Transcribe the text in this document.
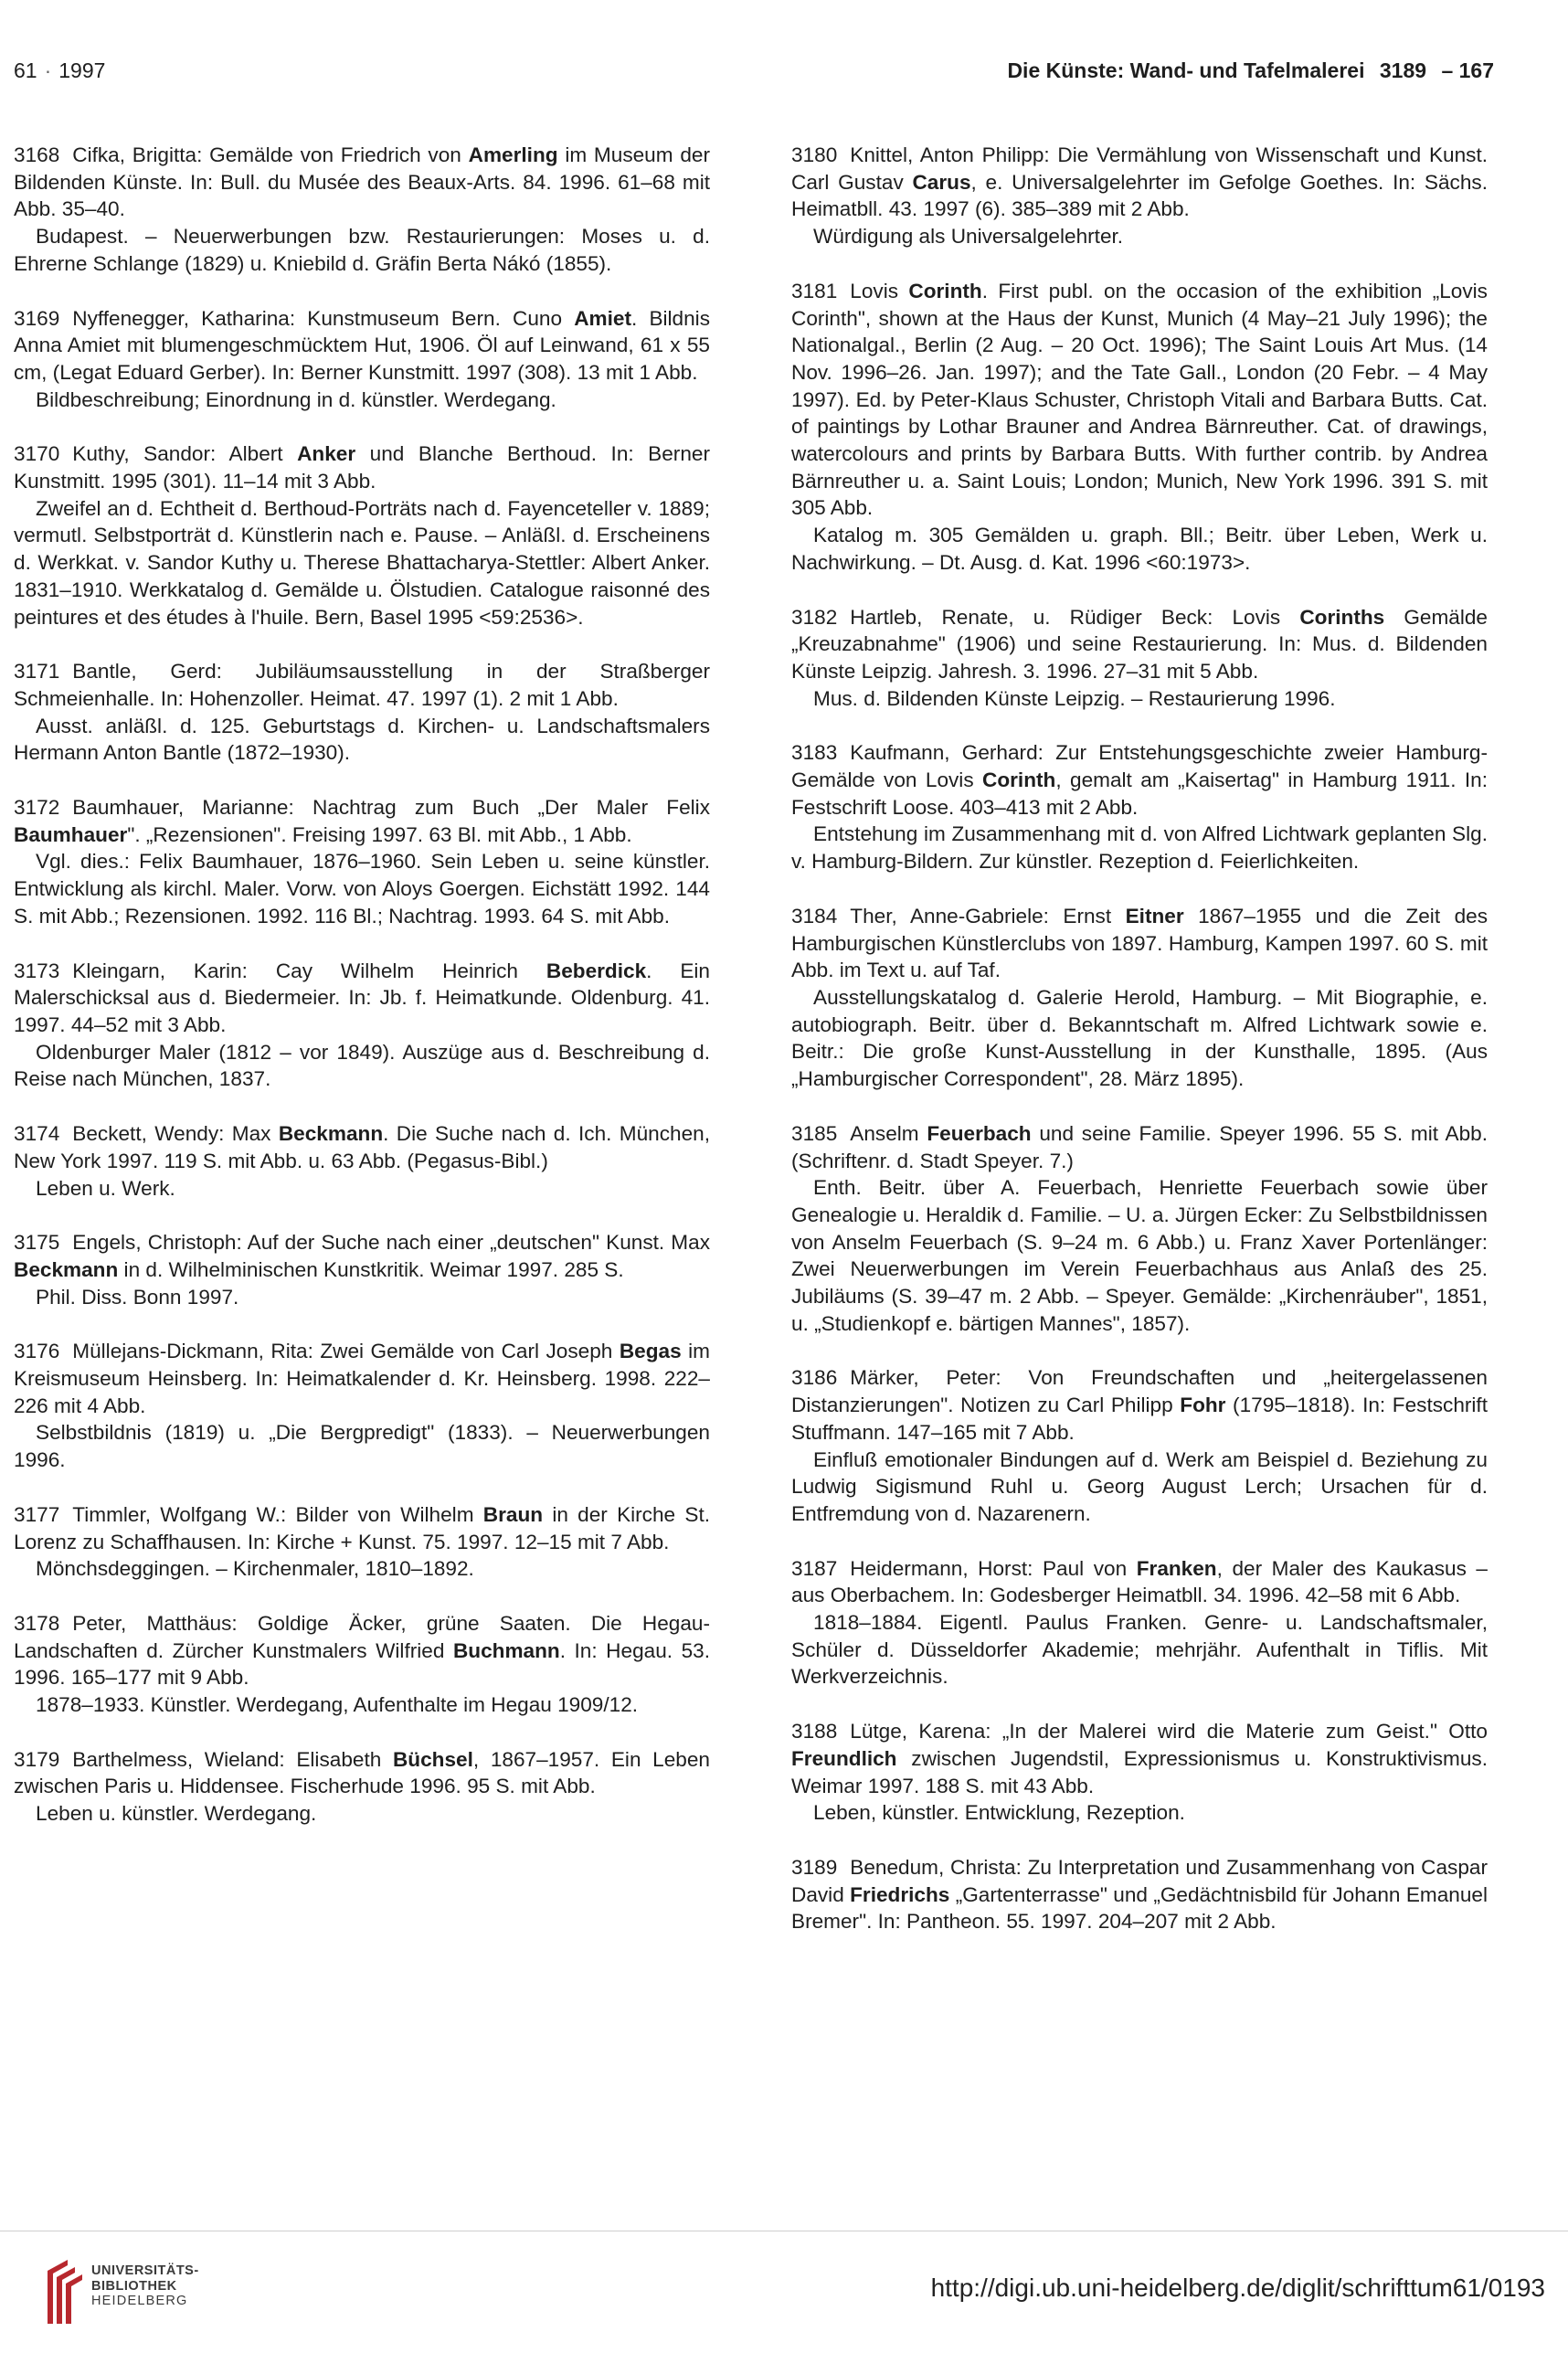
61 · 1997	Die Künste: Wand- und Tafelmalerei 3189 – 167

3168 Cifka, Brigitta: Gemälde von Friedrich von Amerling im Museum der Bildenden Künste. In: Bull. du Musée des Beaux-Arts. 84. 1996. 61–68 mit Abb. 35–40.

Budapest. – Neuerwerbungen bzw. Restaurierungen: Moses u. d. Ehrerne Schlange (1829) u. Kniebild d. Gräfin Berta Nákó (1855).

3169 Nyffenegger, Katharina: Kunstmuseum Bern. Cuno Amiet. Bildnis Anna Amiet mit blumengeschmücktem Hut, 1906. Öl auf Leinwand, 61 x 55 cm, (Legat Eduard Gerber). In: Berner Kunstmitt. 1997 (308). 13 mit 1 Abb.

Bildbeschreibung; Einordnung in d. künstler. Werdegang.

3170 Kuthy, Sandor: Albert Anker und Blanche Berthoud. In: Berner Kunstmitt. 1995 (301). 11–14 mit 3 Abb.

Zweifel an d. Echtheit d. Berthoud-Porträts nach d. Fayenceteller v. 1889; vermutl. Selbstporträt d. Künstlerin nach e. Pause. – Anläßl. d. Erscheinens d. Werkkat. v. Sandor Kuthy u. Therese Bhattacharya-Stettler: Albert Anker. 1831–1910. Werkkatalog d. Gemälde u. Ölstudien. Catalogue raisonné des peintures et des études à l'huile. Bern, Basel 1995 <59:2536>.

3171 Bantle, Gerd: Jubiläumsausstellung in der Straßberger Schmeienhalle. In: Hohenzoller. Heimat. 47. 1997 (1). 2 mit 1 Abb.

Ausst. anläßl. d. 125. Geburtstags d. Kirchen- u. Landschaftsmalers Hermann Anton Bantle (1872–1930).

3172 Baumhauer, Marianne: Nachtrag zum Buch „Der Maler Felix Baumhauer". „Rezensionen". Freising 1997. 63 Bl. mit Abb., 1 Abb.

Vgl. dies.: Felix Baumhauer, 1876–1960. Sein Leben u. seine künstler. Entwicklung als kirchl. Maler. Vorw. von Aloys Goergen. Eichstätt 1992. 144 S. mit Abb.; Rezensionen. 1992. 116 Bl.; Nachtrag. 1993. 64 S. mit Abb.

3173 Kleingarn, Karin: Cay Wilhelm Heinrich Beberdick. Ein Malerschicksal aus d. Biedermeier. In: Jb. f. Heimatkunde. Oldenburg. 41. 1997. 44–52 mit 3 Abb.

Oldenburger Maler (1812 – vor 1849). Auszüge aus d. Beschreibung d. Reise nach München, 1837.

3174 Beckett, Wendy: Max Beckmann. Die Suche nach d. Ich. München, New York 1997. 119 S. mit Abb. u. 63 Abb. (Pegasus-Bibl.)

Leben u. Werk.

3175 Engels, Christoph: Auf der Suche nach einer „deutschen" Kunst. Max Beckmann in d. Wilhelminischen Kunstkritik. Weimar 1997. 285 S.

Phil. Diss. Bonn 1997.

3176 Müllejans-Dickmann, Rita: Zwei Gemälde von Carl Joseph Begas im Kreismuseum Heinsberg. In: Heimatkalender d. Kr. Heinsberg. 1998. 222–226 mit 4 Abb.

Selbstbildnis (1819) u. „Die Bergpredigt" (1833). – Neuerwerbungen 1996.

3177 Timmler, Wolfgang W.: Bilder von Wilhelm Braun in der Kirche St. Lorenz zu Schaffhausen. In: Kirche + Kunst. 75. 1997. 12–15 mit 7 Abb.

Mönchsdeggingen. – Kirchenmaler, 1810–1892.

3178 Peter, Matthäus: Goldige Äcker, grüne Saaten. Die Hegau-Landschaften d. Zürcher Kunstmalers Wilfried Buchmann. In: Hegau. 53. 1996. 165–177 mit 9 Abb.

1878–1933. Künstler. Werdegang, Aufenthalte im Hegau 1909/12.

3179 Barthelmess, Wieland: Elisabeth Büchsel, 1867–1957. Ein Leben zwischen Paris u. Hiddensee. Fischerhude 1996. 95 S. mit Abb.

Leben u. künstler. Werdegang.

3180 Knittel, Anton Philipp: Die Vermählung von Wissenschaft und Kunst. Carl Gustav Carus, e. Universalgelehrter im Gefolge Goethes. In: Sächs. Heimatbll. 43. 1997 (6). 385–389 mit 2 Abb.

Würdigung als Universalgelehrter.

3181 Lovis Corinth. First publ. on the occasion of the exhibition „Lovis Corinth", shown at the Haus der Kunst, Munich (4 May–21 July 1996); the Nationalgal., Berlin (2 Aug. – 20 Oct. 1996); The Saint Louis Art Mus. (14 Nov. 1996–26. Jan. 1997); and the Tate Gall., London (20 Febr. – 4 May 1997). Ed. by Peter-Klaus Schuster, Christoph Vitali and Barbara Butts. Cat. of paintings by Lothar Brauner and Andrea Bärnreuther. Cat. of drawings, watercolours and prints by Barbara Butts. With further contrib. by Andrea Bärnreuther u. a. Saint Louis; London; Munich, New York 1996. 391 S. mit 305 Abb.

Katalog m. 305 Gemälden u. graph. Bll.; Beitr. über Leben, Werk u. Nachwirkung. – Dt. Ausg. d. Kat. 1996 <60:1973>.

3182 Hartleb, Renate, u. Rüdiger Beck: Lovis Corinths Gemälde „Kreuzabnahme" (1906) und seine Restaurierung. In: Mus. d. Bildenden Künste Leipzig. Jahresh. 3. 1996. 27–31 mit 5 Abb.

Mus. d. Bildenden Künste Leipzig. – Restaurierung 1996.

3183 Kaufmann, Gerhard: Zur Entstehungsgeschichte zweier Hamburg-Gemälde von Lovis Corinth, gemalt am „Kaisertag" in Hamburg 1911. In: Festschrift Loose. 403–413 mit 2 Abb.

Entstehung im Zusammenhang mit d. von Alfred Lichtwark geplanten Slg. v. Hamburg-Bildern. Zur künstler. Rezeption d. Feierlichkeiten.

3184 Ther, Anne-Gabriele: Ernst Eitner 1867–1955 und die Zeit des Hamburgischen Künstlerclubs von 1897. Hamburg, Kampen 1997. 60 S. mit Abb. im Text u. auf Taf.

Ausstellungskatalog d. Galerie Herold, Hamburg. – Mit Biographie, e. autobiograph. Beitr. über d. Bekanntschaft m. Alfred Lichtwark sowie e. Beitr.: Die große Kunst-Ausstellung in der Kunsthalle, 1895. (Aus „Hamburgischer Correspondent", 28. März 1895).

3185 Anselm Feuerbach und seine Familie. Speyer 1996. 55 S. mit Abb. (Schriftenr. d. Stadt Speyer. 7.)

Enth. Beitr. über A. Feuerbach, Henriette Feuerbach sowie über Genealogie u. Heraldik d. Familie. – U. a. Jürgen Ecker: Zu Selbstbildnissen von Anselm Feuerbach (S. 9–24 m. 6 Abb.) u. Franz Xaver Portenlänger: Zwei Neuerwerbungen im Verein Feuerbachhaus aus Anlaß des 25. Jubiläums (S. 39–47 m. 2 Abb. – Speyer. Gemälde: „Kirchenräuber", 1851, u. „Studienkopf e. bärtigen Mannes", 1857).

3186 Märker, Peter: Von Freundschaften und „heitergelassenen Distanzierungen". Notizen zu Carl Philipp Fohr (1795–1818). In: Festschrift Stuffmann. 147–165 mit 7 Abb.

Einfluß emotionaler Bindungen auf d. Werk am Beispiel d. Beziehung zu Ludwig Sigismund Ruhl u. Georg August Lerch; Ursachen für d. Entfremdung von d. Nazarenern.

3187 Heidermann, Horst: Paul von Franken, der Maler des Kaukasus – aus Oberbachem. In: Godesberger Heimatbll. 34. 1996. 42–58 mit 6 Abb.

1818–1884. Eigentl. Paulus Franken. Genre- u. Landschaftsmaler, Schüler d. Düsseldorfer Akademie; mehrjähr. Aufenthalt in Tiflis. Mit Werkverzeichnis.

3188 Lütge, Karena: „In der Malerei wird die Materie zum Geist." Otto Freundlich zwischen Jugendstil, Expressionismus u. Konstruktivismus. Weimar 1997. 188 S. mit 43 Abb.

Leben, künstler. Entwicklung, Rezeption.

3189 Benedum, Christa: Zu Interpretation und Zusammenhang von Caspar David Friedrichs „Gartenterrasse" und „Gedächtnisbild für Johann Emanuel Bremer". In: Pantheon. 55. 1997. 204–207 mit 2 Abb.

UNIVERSITÄTS-
BIBLIOTHEK
HEIDELBERG	http://digi.ub.uni-heidelberg.de/diglit/schrifttum61/0193
